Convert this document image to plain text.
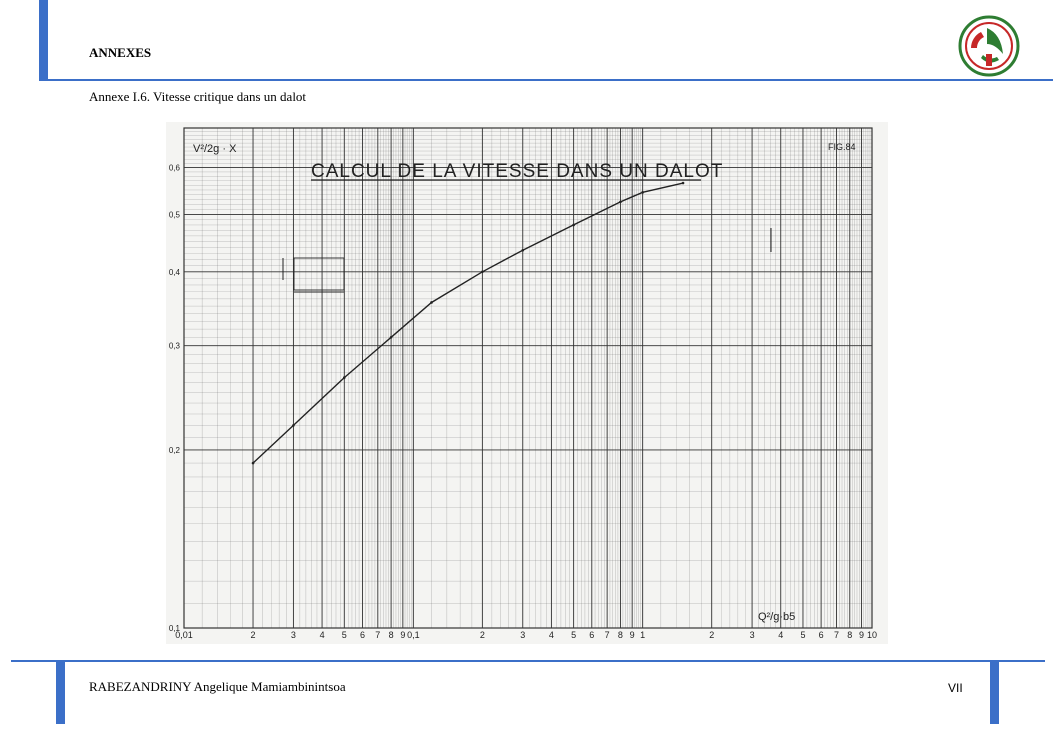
ANNEXES
Annexe I.6. Vitesse critique dans un dalot
V²/2g · X
CALCUL DE LA VITESSE DANS UN DALOT
FIG.84
Q²/g·b5
0,01	2	3	4 5 6 7 8 9 0,1	2	3	4 5 6 7 8 9 1	2	3	4 5 6 7 8 9 10
0,1
0,2
0,3
0,4
0,5
0,6
RABEZANDRINY Angelique Mamiambinintsoa	VII
